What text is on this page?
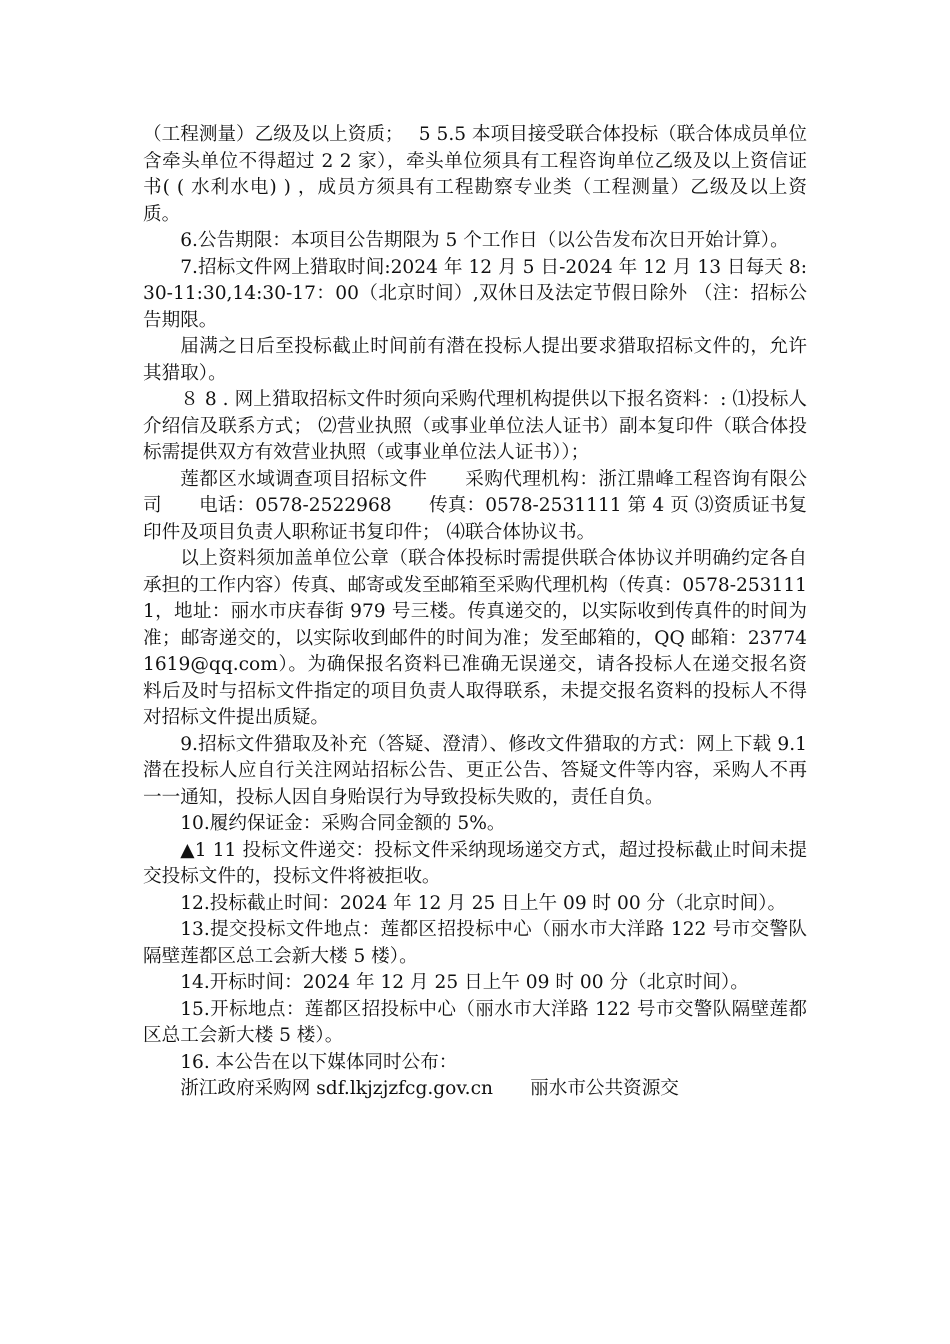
（工程测量）乙级及以上资质；　 5 5.5 本项目接受联合体投标（联合体成员单位含牵头单位不得超过 2 2 家），牵头单位须具有工程咨询单位乙级及以上资信证书( ( 水利水电) ) ，成员方须具有工程勘察专业类（工程测量）乙级及以上资质。

6.公告期限：本项目公告期限为 5 个工作日（以公告发布次日开始计算）。

7.招标文件网上猎取时间:2024 年 12 月 5 日-2024 年 12 月 13 日每天 8:30-11:30,14:30-17：00（北京时间）,双休日及法定节假日除外 （注：招标公告期限。

届满之日后至投标截止时间前有潜在投标人提出要求猎取招标文件的，允许其猎取）。

８ 8 . 网上猎取招标文件时须向采购代理机构提供以下报名资料：: ⑴投标人介绍信及联系方式； ⑵营业执照（或事业单位法人证书）副本复印件（联合体投标需提供双方有效营业执照（或事业单位法人证书））；

莲都区水域调查项目招标文件　　采购代理机构：浙江鼎峰工程咨询有限公司　　电话：0578-2522968　　传真：0578-2531111 第 4 页 ⑶资质证书复印件及项目负责人职称证书复印件； ⑷联合体协议书。

以上资料须加盖单位公章（联合体投标时需提供联合体协议并明确约定各自承担的工作内容）传真、邮寄或发至邮箱至采购代理机构（传真：0578-2531111，地址：丽水市庆春街 979 号三楼。传真递交的，以实际收到传真件的时间为准；邮寄递交的，以实际收到邮件的时间为准；发至邮箱的，QQ 邮箱：237741619@qq.com）。为确保报名资料已准确无误递交，请各投标人在递交报名资料后及时与招标文件指定的项目负责人取得联系，未提交报名资料的投标人不得对招标文件提出质疑。

9.招标文件猎取及补充（答疑、澄清）、修改文件猎取的方式：网上下载 9.1 潜在投标人应自行关注网站招标公告、更正公告、答疑文件等内容，采购人不再一一通知，投标人因自身贻误行为导致投标失败的，责任自负。

10.履约保证金：采购合同金额的 5%。

▲1 11 投标文件递交：投标文件采纳现场递交方式，超过投标截止时间未提交投标文件的，投标文件将被拒收。

12.投标截止时间：2024 年 12 月 25 日上午 09 时 00 分（北京时间）。

13.提交投标文件地点：莲都区招投标中心（丽水市大洋路 122 号市交警队隔壁莲都区总工会新大楼 5 楼）。

14.开标时间：2024 年 12 月 25 日上午 09 时 00 分（北京时间）。

15.开标地点：莲都区招投标中心（丽水市大洋路 122 号市交警队隔壁莲都区总工会新大楼 5 楼）。

16. 本公告在以下媒体同时公布：

浙江政府采购网 sdf.lkjzjzfcg.gov.cn　　丽水市公共资源交
